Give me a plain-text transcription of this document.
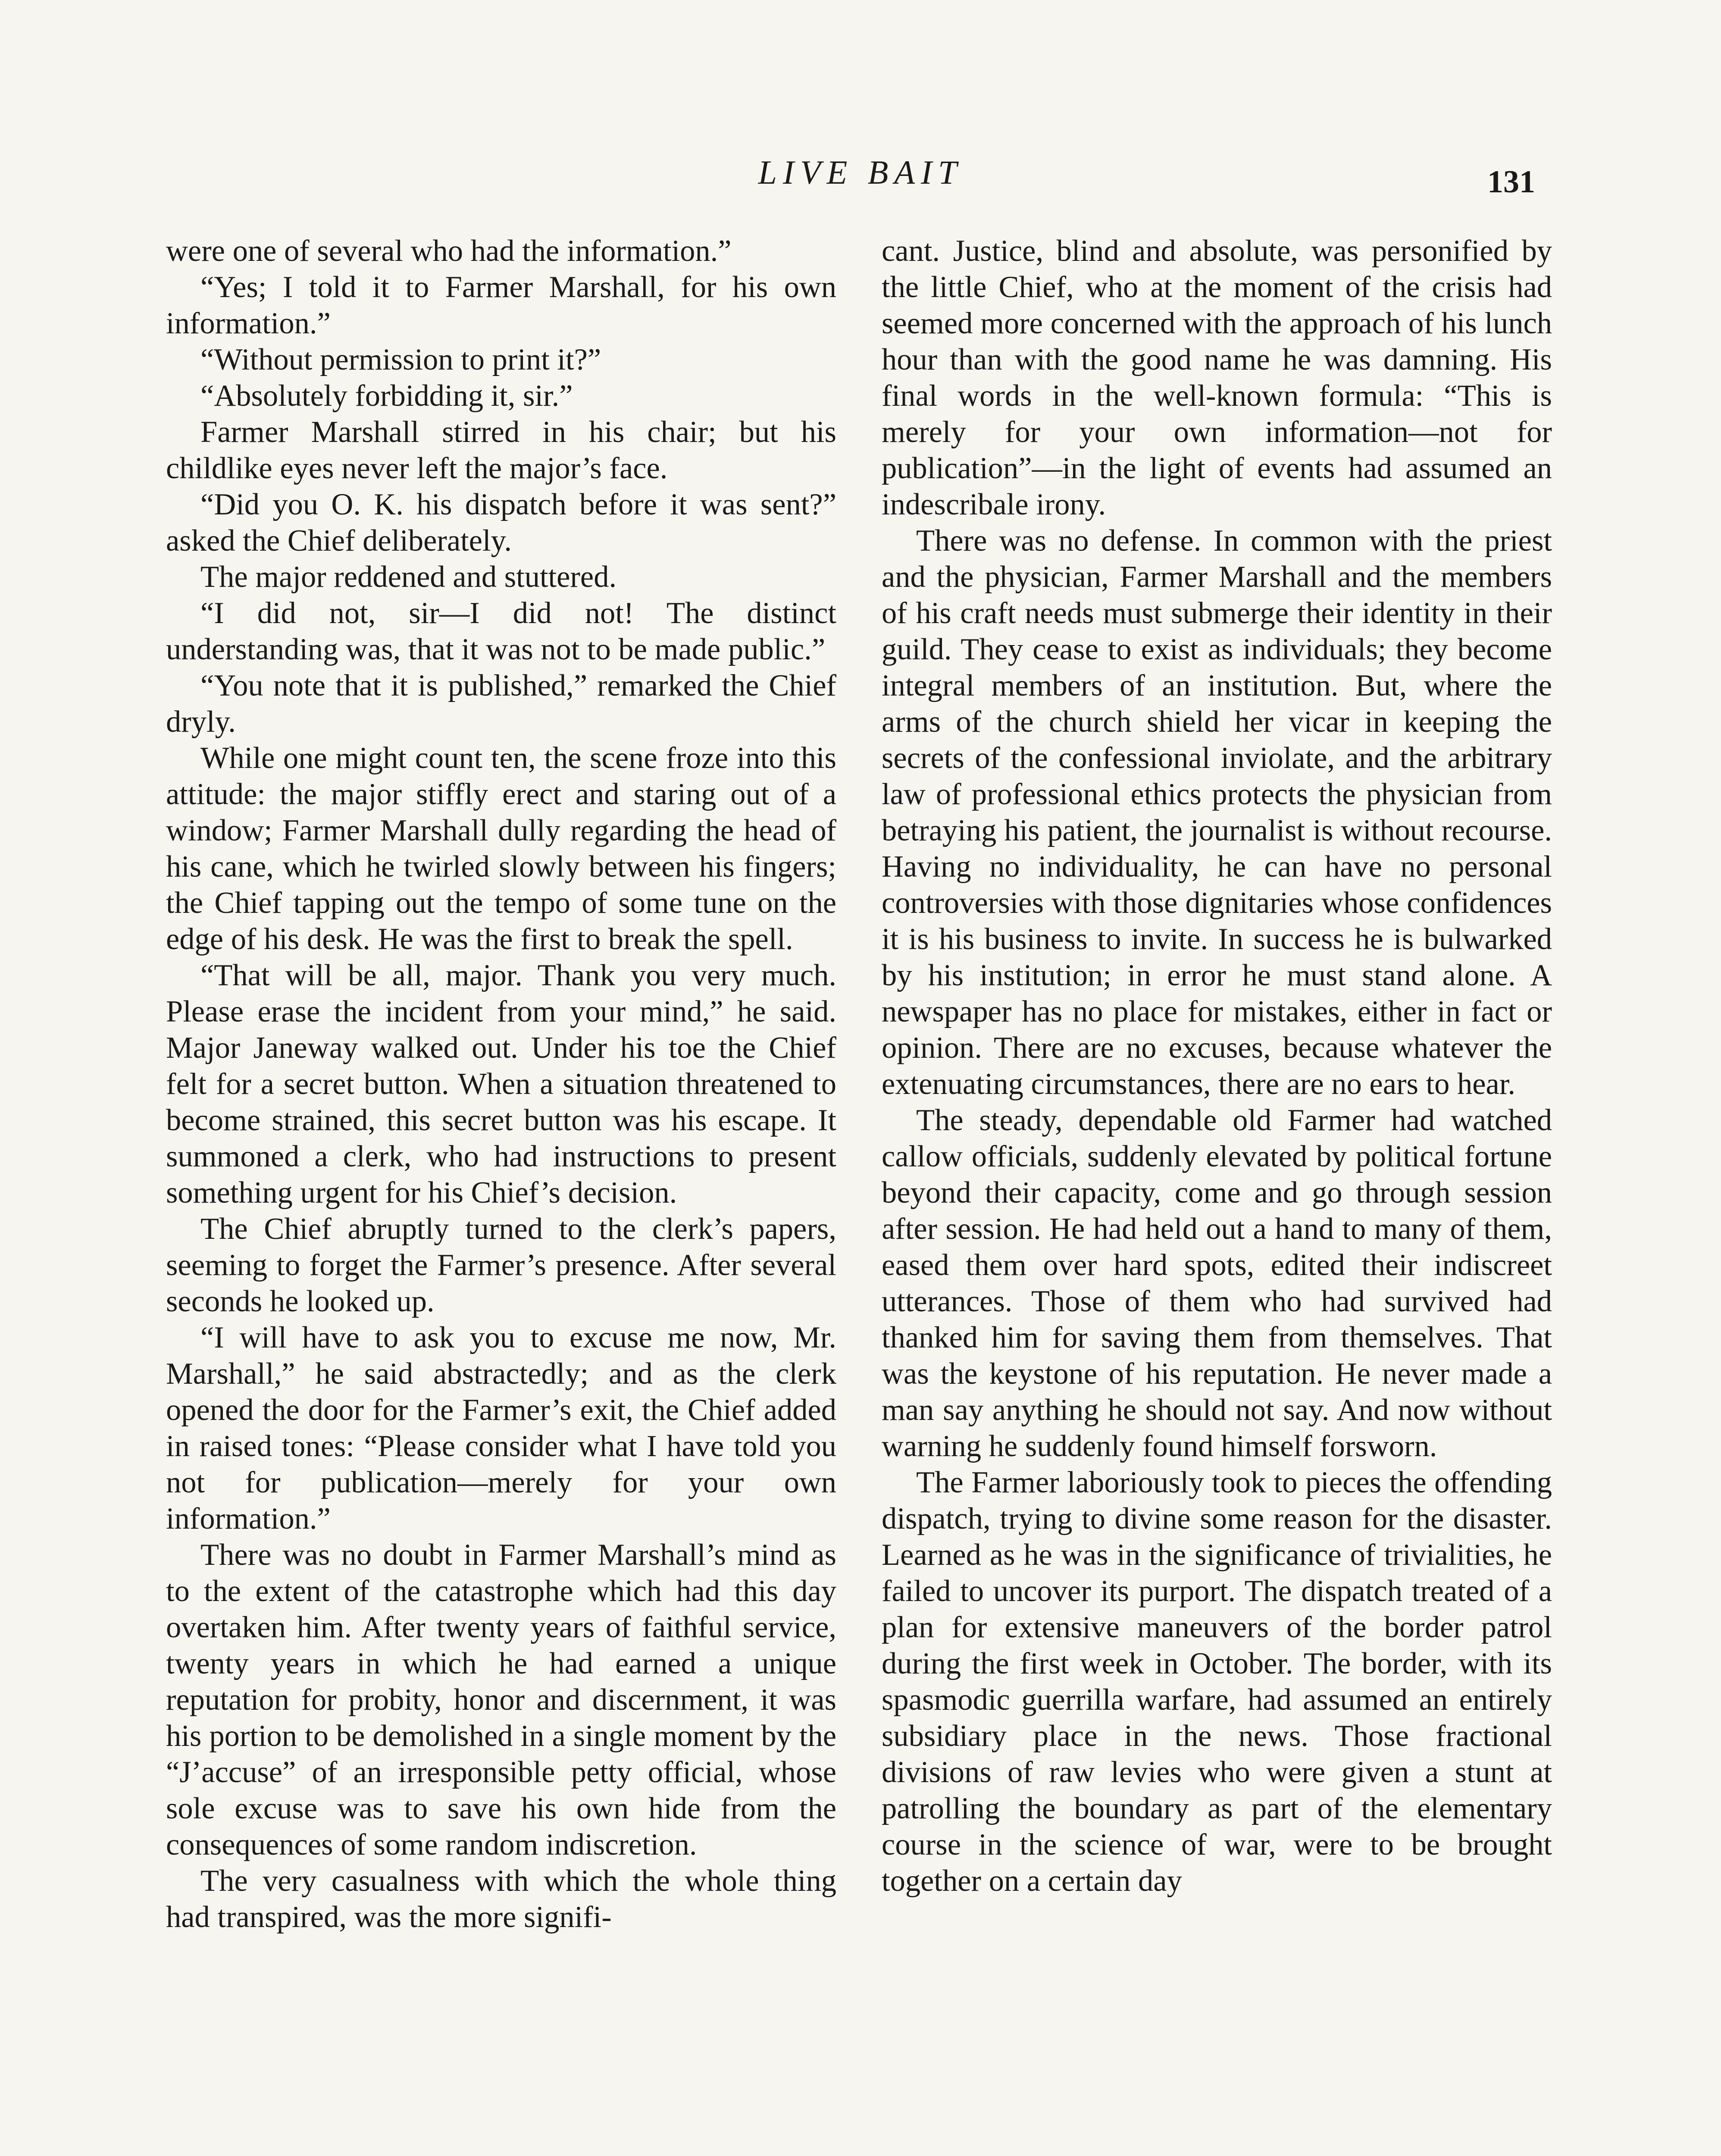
LIVE BAIT	131

were one of several who had the information.”

“Yes; I told it to Farmer Marshall, for his own information.”

“Without permission to print it?”

“Absolutely forbidding it, sir.”

Farmer Marshall stirred in his chair; but his childlike eyes never left the major’s face.

“Did you O. K. his dispatch before it was sent?” asked the Chief deliberately.

The major reddened and stuttered.

“I did not, sir—I did not! The distinct understanding was, that it was not to be made public.”

“You note that it is published,” remarked the Chief dryly.

While one might count ten, the scene froze into this attitude: the major stiffly erect and staring out of a window; Farmer Marshall dully regarding the head of his cane, which he twirled slowly between his fingers; the Chief tapping out the tempo of some tune on the edge of his desk. He was the first to break the spell.

“That will be all, major. Thank you very much. Please erase the incident from your mind,” he said. Major Janeway walked out. Under his toe the Chief felt for a secret button. When a situation threatened to become strained, this secret button was his escape. It summoned a clerk, who had instructions to present something urgent for his Chief’s decision.

The Chief abruptly turned to the clerk’s papers, seeming to forget the Farmer’s presence. After several seconds he looked up.

“I will have to ask you to excuse me now, Mr. Marshall,” he said abstractedly; and as the clerk opened the door for the Farmer’s exit, the Chief added in raised tones: “Please consider what I have told you not for publication—merely for your own information.”

There was no doubt in Farmer Marshall’s mind as to the extent of the catastrophe which had this day overtaken him. After twenty years of faithful service, twenty years in which he had earned a unique reputation for probity, honor and discernment, it was his portion to be demolished in a single moment by the “J’accuse” of an irresponsible petty official, whose sole excuse was to save his own hide from the consequences of some random indiscretion.

The very casualness with which the whole thing had transpired, was the more signifi-

cant. Justice, blind and absolute, was personified by the little Chief, who at the moment of the crisis had seemed more concerned with the approach of his lunch hour than with the good name he was damning. His final words in the well-known formula: “This is merely for your own information—not for publication”—in the light of events had assumed an indescribale irony.

There was no defense. In common with the priest and the physician, Farmer Marshall and the members of his craft needs must submerge their identity in their guild. They cease to exist as individuals; they become integral members of an institution. But, where the arms of the church shield her vicar in keeping the secrets of the confessional inviolate, and the arbitrary law of professional ethics protects the physician from betraying his patient, the journalist is without recourse. Having no individuality, he can have no personal controversies with those dignitaries whose confidences it is his business to invite. In success he is bulwarked by his institution; in error he must stand alone. A newspaper has no place for mistakes, either in fact or opinion. There are no excuses, because whatever the extenuating circumstances, there are no ears to hear.

The steady, dependable old Farmer had watched callow officials, suddenly elevated by political fortune beyond their capacity, come and go through session after session. He had held out a hand to many of them, eased them over hard spots, edited their indiscreet utterances. Those of them who had survived had thanked him for saving them from themselves. That was the keystone of his reputation. He never made a man say anything he should not say. And now without warning he suddenly found himself forsworn.

The Farmer laboriously took to pieces the offending dispatch, trying to divine some reason for the disaster. Learned as he was in the significance of trivialities, he failed to uncover its purport. The dispatch treated of a plan for extensive maneuvers of the border patrol during the first week in October. The border, with its spasmodic guerrilla warfare, had assumed an entirely subsidiary place in the news. Those fractional divisions of raw levies who were given a stunt at patrolling the boundary as part of the elementary course in the science of war, were to be brought together on a certain day
